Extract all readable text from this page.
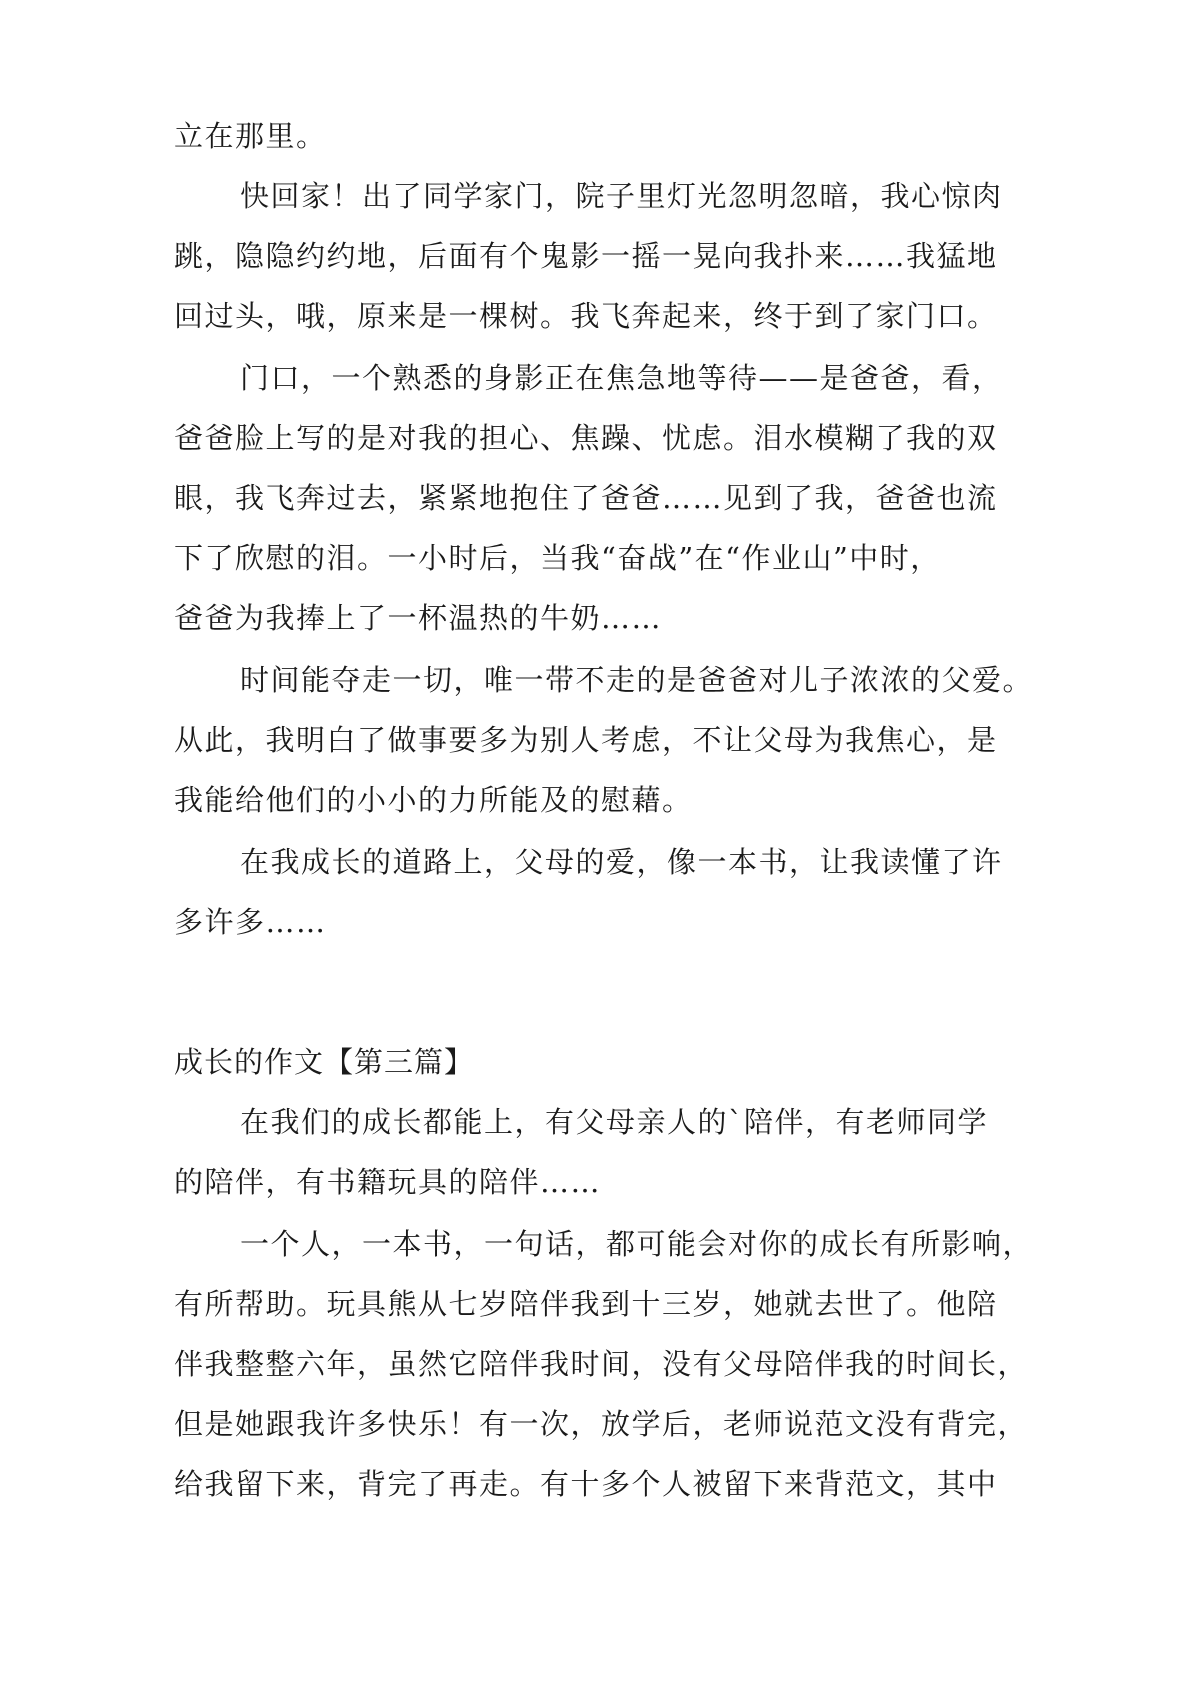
立在那里。
快回家！出了同学家门，院子里灯光忽明忽暗，我心惊肉
跳，隐隐约约地，后面有个鬼影一摇一晃向我扑来……我猛地
回过头，哦，原来是一棵树。我飞奔起来，终于到了家门口。
门口，一个熟悉的身影正在焦急地等待——是爸爸，看，
爸爸脸上写的是对我的担心、焦躁、忧虑。泪水模糊了我的双
眼，我飞奔过去，紧紧地抱住了爸爸……见到了我，爸爸也流
下了欣慰的泪。一小时后，当我“奋战”在“作业山”中时，
爸爸为我捧上了一杯温热的牛奶……
时间能夺走一切，唯一带不走的是爸爸对儿子浓浓的父爱。
从此，我明白了做事要多为别人考虑，不让父母为我焦心，是
我能给他们的小小的力所能及的慰藉。
在我成长的道路上，父母的爱，像一本书，让我读懂了许
多许多……
成长的作文【第三篇】
在我们的成长都能上，有父母亲人的`陪伴，有老师同学
的陪伴，有书籍玩具的陪伴……
一个人，一本书，一句话，都可能会对你的成长有所影响，
有所帮助。玩具熊从七岁陪伴我到十三岁，她就去世了。他陪
伴我整整六年，虽然它陪伴我时间，没有父母陪伴我的时间长，
但是她跟我许多快乐！有一次，放学后，老师说范文没有背完，
给我留下来，背完了再走。有十多个人被留下来背范文，其中
